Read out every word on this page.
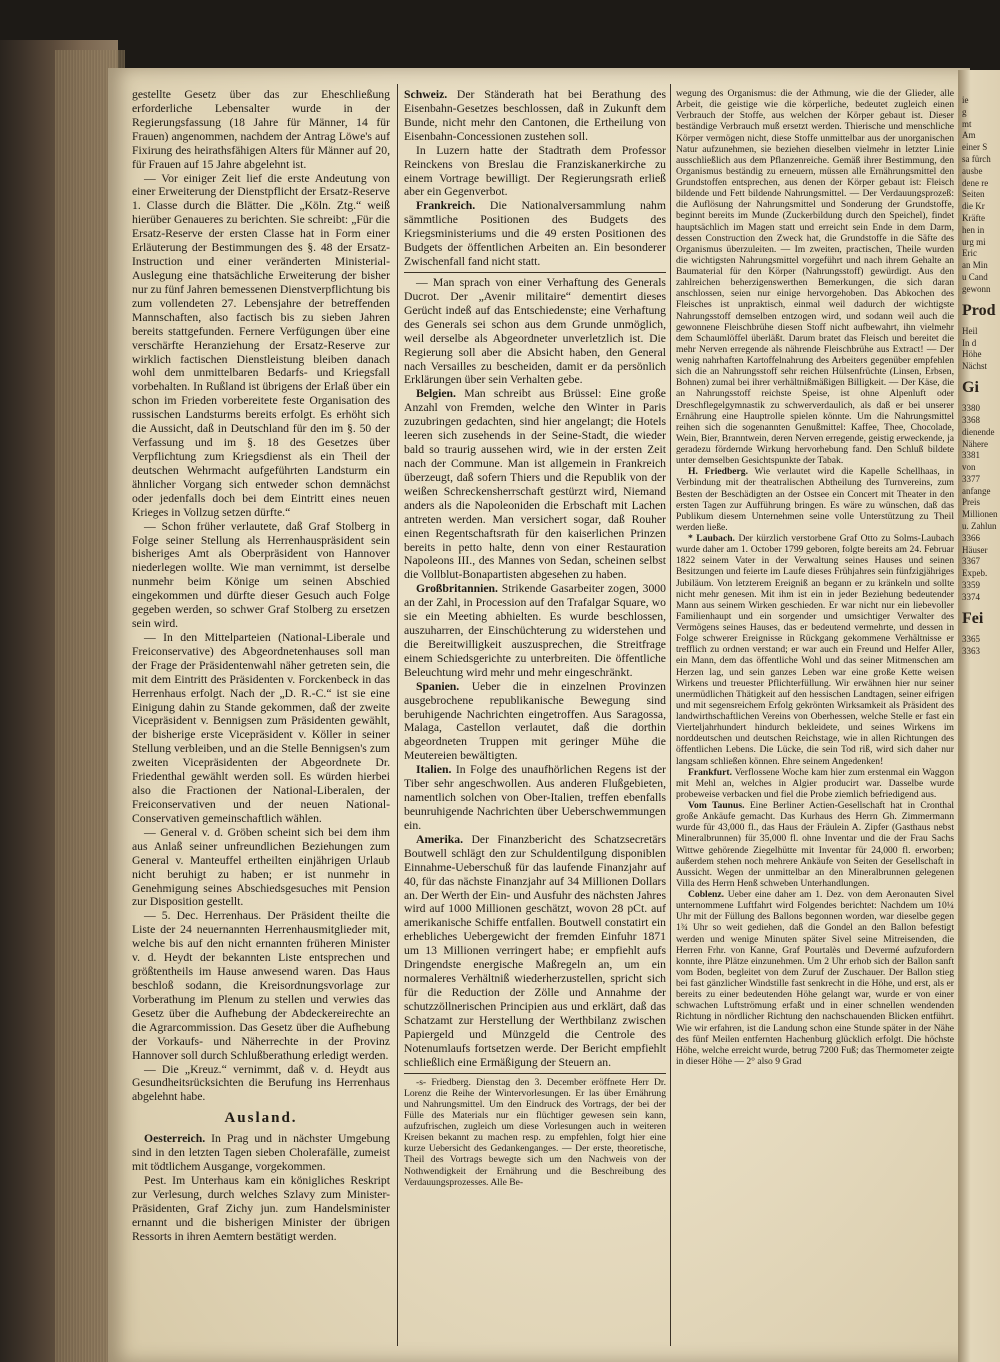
gestellte Gesetz über das zur Eheschließung erforderliche Lebensalter wurde in der Regierungsfassung (18 Jahre für Männer, 14 für Frauen) angenommen, nachdem der Antrag Löwe's auf Fixirung des heirathsfähigen Alters für Männer auf 20, für Frauen auf 15 Jahre abgelehnt ist.

— Vor einiger Zeit lief die erste Andeutung von einer Erweiterung der Dienstpflicht der Ersatz-Reserve 1. Classe durch die Blätter. Die „Köln. Ztg.“ weiß hierüber Genaueres zu berichten. Sie schreibt: „Für die Ersatz-Reserve der ersten Classe hat in Form einer Erläuterung der Bestimmungen des §. 48 der Ersatz-Instruction und einer veränderten Ministerial-Auslegung eine thatsächliche Erweiterung der bisher nur zu fünf Jahren bemessenen Dienstverpflichtung bis zum vollendeten 27. Lebensjahre der betreffenden Mannschaften, also factisch bis zu sieben Jahren bereits stattgefunden. Fernere Verfügungen über eine verschärfte Heranziehung der Ersatz-Reserve zur wirklich factischen Dienstleistung bleiben danach wohl dem unmittelbaren Bedarfs- und Kriegsfall vorbehalten. In Rußland ist übrigens der Erlaß über ein schon im Frieden vorbereitete feste Organisation des russischen Landsturms bereits erfolgt. Es erhöht sich die Aussicht, daß in Deutschland für den im §. 50 der Verfassung und im §. 18 des Gesetzes über Verpflichtung zum Kriegsdienst als ein Theil der deutschen Wehrmacht aufgeführten Landsturm ein ähnlicher Vorgang sich entweder schon demnächst oder jedenfalls doch bei dem Eintritt eines neuen Krieges in Vollzug setzen dürfte.“

— Schon früher verlautete, daß Graf Stolberg in Folge seiner Stellung als Herrenhauspräsident sein bisheriges Amt als Oberpräsident von Hannover niederlegen wollte. Wie man vernimmt, ist derselbe nunmehr beim Könige um seinen Abschied eingekommen und dürfte dieser Gesuch auch Folge gegeben werden, so schwer Graf Stolberg zu ersetzen sein wird.

— In den Mittelparteien (National-Liberale und Freiconservative) des Abgeordnetenhauses soll man der Frage der Präsidentenwahl näher getreten sein, die mit dem Eintritt des Präsidenten v. Forckenbeck in das Herrenhaus erfolgt. Nach der „D. R.-C.“ ist sie eine Einigung dahin zu Stande gekommen, daß der zweite Vicepräsident v. Bennigsen zum Präsidenten gewählt, der bisherige erste Vicepräsident v. Köller in seiner Stellung verbleiben, und an die Stelle Bennigsen's zum zweiten Vicepräsidenten der Abgeordnete Dr. Friedenthal gewählt werden soll. Es würden hierbei also die Fractionen der National-Liberalen, der Freiconservativen und der neuen National-Conservativen gemeinschaftlich wählen.

— General v. d. Gröben scheint sich bei dem ihm aus Anlaß seiner unfreundlichen Beziehungen zum General v. Manteuffel ertheilten einjährigen Urlaub nicht beruhigt zu haben; er ist nunmehr in Genehmigung seines Abschiedsgesuches mit Pension zur Disposition gestellt.

— 5. Dec. Herrenhaus. Der Präsident theilte die Liste der 24 neuernannten Herrenhausmitglieder mit, welche bis auf den nicht ernannten früheren Minister v. d. Heydt der bekannten Liste entsprechen und größtentheils im Hause anwesend waren. Das Haus beschloß sodann, die Kreisordnungsvorlage zur Vorberathung im Plenum zu stellen und verwies das Gesetz über die Aufhebung der Abdeckereirechte an die Agrarcommission. Das Gesetz über die Aufhebung der Vorkaufs- und Näherrechte in der Provinz Hannover soll durch Schlußberathung erledigt werden.

— Die „Kreuz.“ vernimmt, daß v. d. Heydt aus Gesundheitsrücksichten die Berufung ins Herrenhaus abgelehnt habe.

Ausland.

Oesterreich. In Prag und in nächster Umgebung sind in den letzten Tagen sieben Cholerafälle, zumeist mit tödtlichem Ausgange, vorgekommen.

Pest. Im Unterhaus kam ein königliches Reskript zur Verlesung, durch welches Szlavy zum Minister-Präsidenten, Graf Zichy jun. zum Handelsminister ernannt und die bisherigen Minister der übrigen Ressorts in ihren Aemtern bestätigt werden.

Schweiz. Der Ständerath hat bei Berathung des Eisenbahn-Gesetzes beschlossen, daß in Zukunft dem Bunde, nicht mehr den Cantonen, die Ertheilung von Eisenbahn-Concessionen zustehen soll.

In Luzern hatte der Stadtrath dem Professor Reinckens von Breslau die Franziskanerkirche zu einem Vortrage bewilligt. Der Regierungsrath erließ aber ein Gegenverbot.

Frankreich. Die Nationalversammlung nahm sämmtliche Positionen des Budgets des Kriegsministeriums und die 49 ersten Positionen des Budgets der öffentlichen Arbeiten an. Ein besonderer Zwischenfall fand nicht statt.

— Man sprach von einer Verhaftung des Generals Ducrot. Der „Avenir militaire“ dementirt dieses Gerücht indeß auf das Entschiedenste; eine Verhaftung des Generals sei schon aus dem Grunde unmöglich, weil derselbe als Abgeordneter unverletzlich ist. Die Regierung soll aber die Absicht haben, den General nach Versailles zu bescheiden, damit er da persönlich Erklärungen über sein Verhalten gebe.

Belgien. Man schreibt aus Brüssel: Eine große Anzahl von Fremden, welche den Winter in Paris zuzubringen gedachten, sind hier angelangt; die Hotels leeren sich zusehends in der Seine-Stadt, die wieder bald so traurig aussehen wird, wie in der ersten Zeit nach der Commune. Man ist allgemein in Frankreich überzeugt, daß sofern Thiers und die Republik von der weißen Schreckensherrschaft gestürzt wird, Niemand anders als die Napoleoniden die Erbschaft mit Lachen antreten werden. Man versichert sogar, daß Rouher einen Regentschaftsrath für den kaiserlichen Prinzen bereits in petto halte, denn von einer Restauration Napoleons III., des Mannes von Sedan, scheinen selbst die Vollblut-Bonapartisten abgesehen zu haben.

Großbritannien. Strikende Gasarbeiter zogen, 3000 an der Zahl, in Procession auf den Trafalgar Square, wo sie ein Meeting abhielten. Es wurde beschlossen, auszuharren, der Einschüchterung zu widerstehen und die Bereitwilligkeit auszusprechen, die Streitfrage einem Schiedsgerichte zu unterbreiten. Die öffentliche Beleuchtung wird mehr und mehr eingeschränkt.

Spanien. Ueber die in einzelnen Provinzen ausgebrochene republikanische Bewegung sind beruhigende Nachrichten eingetroffen. Aus Saragossa, Malaga, Castellon verlautet, daß die dorthin abgeordneten Truppen mit geringer Mühe die Meutereien bewältigten.

Italien. In Folge des unaufhörlichen Regens ist der Tiber sehr angeschwollen. Aus anderen Flußgebieten, namentlich solchen von Ober-Italien, treffen ebenfalls beunruhigende Nachrichten über Ueberschwemmungen ein.

Amerika. Der Finanzbericht des Schatzsecretärs Boutwell schlägt den zur Schuldentilgung disponiblen Einnahme-Ueberschuß für das laufende Finanzjahr auf 40, für das nächste Finanzjahr auf 34 Millionen Dollars an. Der Werth der Ein- und Ausfuhr des nächsten Jahres wird auf 1000 Millionen geschätzt, wovon 28 pCt. auf amerikanische Schiffe entfallen. Boutwell constatirt ein erhebliches Uebergewicht der fremden Einfuhr 1871 um 13 Millionen verringert habe; er empfiehlt aufs Dringendste energische Maßregeln an, um ein normaleres Verhältniß wiederherzustellen, spricht sich für die Reduction der Zölle und Annahme der schutzzöllnerischen Principien aus und erklärt, daß das Schatzamt zur Herstellung der Werthbilanz zwischen Papiergeld und Münzgeld die Centrole des Notenumlaufs fortsetzen werde. Der Bericht empfiehlt schließlich eine Ermäßigung der Steuern an.

-s- Friedberg. Dienstag den 3. December eröffnete Herr Dr. Lorenz die Reihe der Wintervorlesungen. Er las über Ernährung und Nahrungsmittel. Um den Eindruck des Vortrags, der bei der Fülle des Materials nur ein flüchtiger gewesen sein kann, aufzufrischen, zugleich um diese Vorlesungen auch in weiteren Kreisen bekannt zu machen resp. zu empfehlen, folgt hier eine kurze Uebersicht des Gedankenganges. — Der erste, theoretische, Theil des Vortrags bewegte sich um den Nachweis von der Nothwendigkeit der Ernährung und die Beschreibung des Verdauungsprozesses. Alle Be-

wegung des Organismus: die der Athmung, wie die der Glieder, alle Arbeit, die geistige wie die körperliche, bedeutet zugleich einen Verbrauch der Stoffe, aus welchen der Körper gebaut ist. Dieser beständige Verbrauch muß ersetzt werden. Thierische und menschliche Körper vermögen nicht, diese Stoffe unmittelbar aus der unorganischen Natur aufzunehmen, sie beziehen dieselben vielmehr in letzter Linie ausschließlich aus dem Pflanzenreiche. Gemäß ihrer Bestimmung, den Organismus beständig zu erneuern, müssen alle Ernährungsmittel den Grundstoffen entsprechen, aus denen der Körper gebaut ist: Fleisch bildende und Fett bildende Nahrungsmittel. — Der Verdauungsprozeß: die Auflösung der Nahrungsmittel und Sonderung der Grundstoffe, beginnt bereits im Munde (Zuckerbildung durch den Speichel), findet hauptsächlich im Magen statt und erreicht sein Ende in dem Darm, dessen Construction den Zweck hat, die Grundstoffe in die Säfte des Organismus überzuleiten. — Im zweiten, practischen, Theile wurden die wichtigsten Nahrungsmittel vorgeführt und nach ihrem Gehalte an Baumaterial für den Körper (Nahrungsstoff) gewürdigt. Aus den zahlreichen beherzigenswerthen Bemerkungen, die sich daran anschlossen, seien nur einige hervorgehoben. Das Abkochen des Fleisches ist unpraktisch, einmal weil dadurch der wichtigste Nahrungsstoff demselben entzogen wird, und sodann weil auch die gewonnene Fleischbrühe diesen Stoff nicht aufbewahrt, ihn vielmehr dem Schaumlöffel überläßt. Darum bratet das Fleisch und bereitet die mehr Nerven erregende als nährende Fleischbrühe aus Extract! — Der wenig nahrhaften Kartoffelnahrung des Arbeiters gegenüber empfehlen sich die an Nahrungsstoff sehr reichen Hülsenfrüchte (Linsen, Erbsen, Bohnen) zumal bei ihrer verhältnißmäßigen Billigkeit. — Der Käse, die an Nahrungsstoff reichste Speise, ist ohne Alpenluft oder Dreschflegelgymnastik zu schwerverdaulich, als daß er bei unserer Ernährung eine Hauptrolle spielen könnte. Um die Nahrungsmittel reihen sich die sogenannten Genußmittel: Kaffee, Thee, Chocolade, Wein, Bier, Branntwein, deren Nerven erregende, geistig erweckende, ja geradezu fördernde Wirkung hervorhebung fand. Den Schluß bildete unter demselben Gesichtspunkte der Tabak.

H. Friedberg. Wie verlautet wird die Kapelle Schellhaas, in Verbindung mit der theatralischen Abtheilung des Turnvereins, zum Besten der Beschädigten an der Ostsee ein Concert mit Theater in den ersten Tagen zur Aufführung bringen. Es wäre zu wünschen, daß das Publikum diesem Unternehmen seine volle Unterstützung zu Theil werden ließe.

* Laubach. Der kürzlich verstorbene Graf Otto zu Solms-Laubach wurde daher am 1. October 1799 geboren, folgte bereits am 24. Februar 1822 seinem Vater in der Verwaltung seines Hauses und seinen Besitzungen und feierte im Laufe dieses Frühjahres sein fünfzigjähriges Jubiläum. Von letzterem Ereigniß an begann er zu kränkeln und sollte nicht mehr genesen. Mit ihm ist ein in jeder Beziehung bedeutender Mann aus seinem Wirken geschieden. Er war nicht nur ein liebevoller Familienhaupt und ein sorgender und umsichtiger Verwalter des Vermögens seines Hauses, das er bedeutend vermehrte, und dessen in Folge schwerer Ereignisse in Rückgang gekommene Verhältnisse er trefflich zu ordnen verstand; er war auch ein Freund und Helfer Aller, ein Mann, dem das öffentliche Wohl und das seiner Mitmenschen am Herzen lag, und sein ganzes Leben war eine große Kette weisen Wirkens und treuester Pflichterfüllung. Wir erwähnen hier nur seiner unermüdlichen Thätigkeit auf den hessischen Landtagen, seiner eifrigen und mit segensreichem Erfolg gekrönten Wirksamkeit als Präsident des landwirthschaftlichen Vereins von Oberhessen, welche Stelle er fast ein Vierteljahrhundert hindurch bekleidete, und seines Wirkens im norddeutschen und deutschen Reichstage, wie in allen Richtungen des öffentlichen Lebens. Die Lücke, die sein Tod riß, wird sich daher nur langsam schließen können. Ehre seinem Angedenken!

Frankfurt. Verflossene Woche kam hier zum erstenmal ein Waggon mit Mehl an, welches in Algier producirt war. Dasselbe wurde probeweise verbacken und fiel die Probe ziemlich befriedigend aus.

Vom Taunus. Eine Berliner Actien-Gesellschaft hat in Cronthal große Ankäufe gemacht. Das Kurhaus des Herrn Gh. Zimmermann wurde für 43,000 fl., das Haus der Fräulein A. Zipfer (Gasthaus nebst Mineralbrunnen) für 35,000 fl. ohne Inventar und die der Frau Sachs Wittwe gehörende Ziegelhütte mit Inventar für 24,000 fl. erworben; außerdem stehen noch mehrere Ankäufe von Seiten der Gesellschaft in Aussicht. Wegen der unmittelbar an den Mineralbrunnen gelegenen Villa des Herrn Henß schweben Unterhandlungen.

Coblenz. Ueber eine daher am 1. Dez. von dem Aeronauten Sivel unternommene Luftfahrt wird Folgendes berichtet: Nachdem um 10¼ Uhr mit der Füllung des Ballons begonnen worden, war dieselbe gegen 1¾ Uhr so weit gediehen, daß die Gondel an den Ballon befestigt werden und wenige Minuten später Sivel seine Mitreisenden, die Herren Frhr. von Kanne, Graf Pourtalès und Devermé aufzufordern konnte, ihre Plätze einzunehmen. Um 2 Uhr erhob sich der Ballon sanft vom Boden, begleitet von dem Zuruf der Zuschauer. Der Ballon stieg bei fast gänzlicher Windstille fast senkrecht in die Höhe, und erst, als er bereits zu einer bedeutenden Höhe gelangt war, wurde er von einer schwachen Luftströmung erfaßt und in einer schnellen wendenden Richtung in nördlicher Richtung den nachschauenden Blicken entführt. Wie wir erfahren, ist die Landung schon eine Stunde später in der Nähe des fünf Meilen entfernten Hachenburg glücklich erfolgt. Die höchste Höhe, welche erreicht wurde, betrug 7200 Fuß; das Thermometer zeigte in dieser Höhe — 2° also 9 Grad

ie
g
mt
Am
einer S
sa fürch
ausbe
dene re
Seiten
die Kr
Kräfte
hen in
urg mi
Eric
an Min
u Cand
gewonn
Prod
Heil
In d
Höhe
Nächst
Gi
3380
3368
dienende
Nähere
3381
von
3377
anfange
Preis
Millionen
u. Zahlun
3366
Häuser
3367
Expeb.
3359
3374
Fei
3365
3363
